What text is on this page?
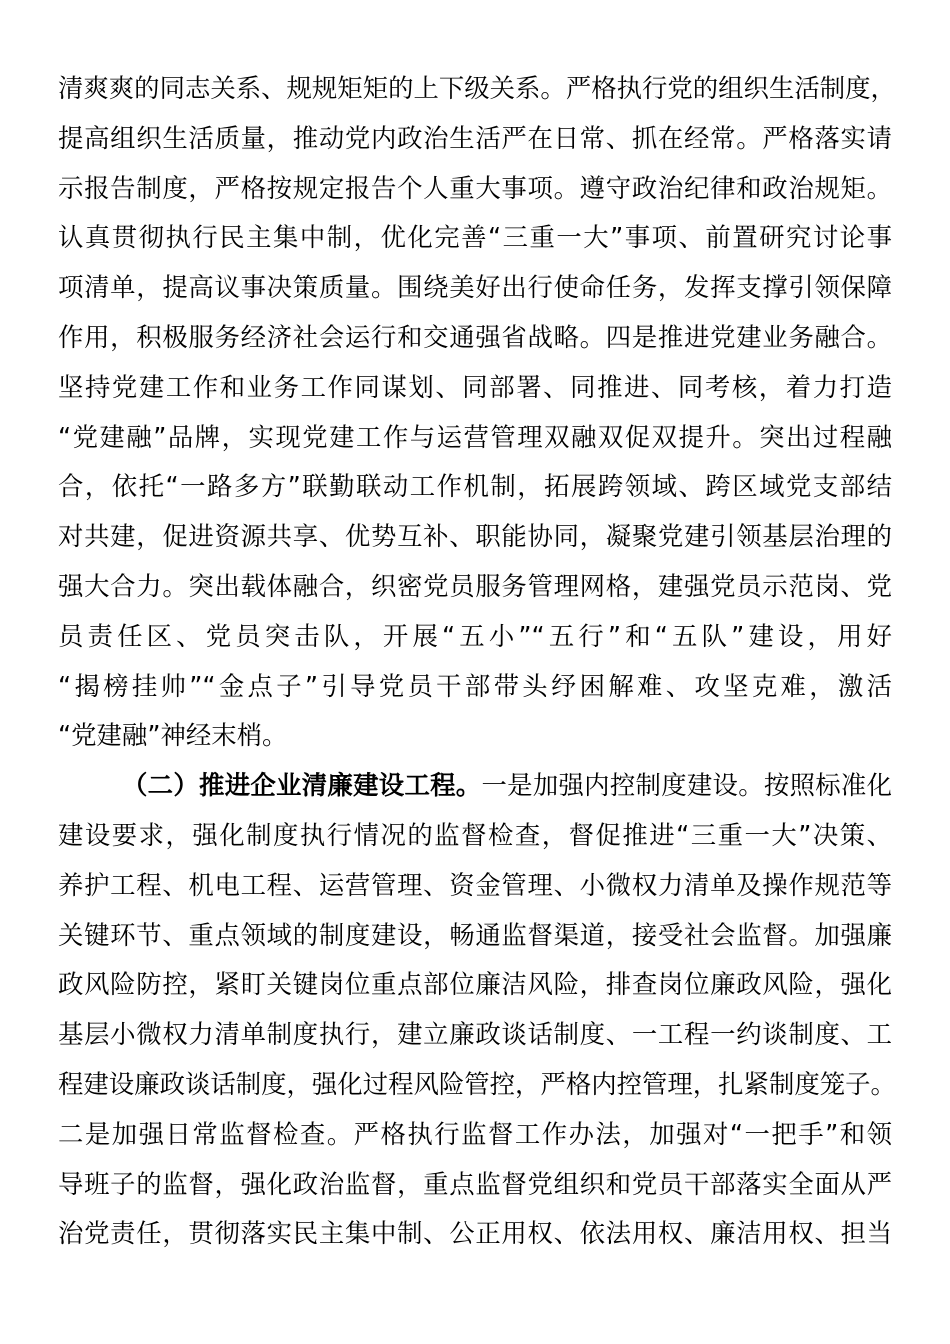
清爽爽的同志关系、规规矩矩的上下级关系。严格执行党的组织生活制度，
提高组织生活质量，推动党内政治生活严在日常、抓在经常。严格落实请
示报告制度，严格按规定报告个人重大事项。遵守政治纪律和政治规矩。
认真贯彻执行民主集中制，优化完善“三重一大”事项、前置研究讨论事
项清单，提高议事决策质量。围绕美好出行使命任务，发挥支撑引领保障
作用，积极服务经济社会运行和交通强省战略。四是推进党建业务融合。
坚持党建工作和业务工作同谋划、同部署、同推进、同考核，着力打造
“党建融”品牌，实现党建工作与运营管理双融双促双提升。突出过程融
合，依托“一路多方”联勤联动工作机制，拓展跨领域、跨区域党支部结
对共建，促进资源共享、优势互补、职能协同，凝聚党建引领基层治理的
强大合力。突出载体融合，织密党员服务管理网格，建强党员示范岗、党
员责任区、党员突击队，开展“五小”“五行”和“五队”建设，用好
“揭榜挂帅”“金点子”引导党员干部带头纾困解难、攻坚克难，激活
“党建融”神经末梢。
（二）推进企业清廉建设工程。一是加强内控制度建设。按照标准化
建设要求，强化制度执行情况的监督检查，督促推进“三重一大”决策、
养护工程、机电工程、运营管理、资金管理、小微权力清单及操作规范等
关键环节、重点领域的制度建设，畅通监督渠道，接受社会监督。加强廉
政风险防控，紧盯关键岗位重点部位廉洁风险，排查岗位廉政风险，强化
基层小微权力清单制度执行，建立廉政谈话制度、一工程一约谈制度、工
程建设廉政谈话制度，强化过程风险管控，严格内控管理，扎紧制度笼子。
二是加强日常监督检查。严格执行监督工作办法，加强对“一把手”和领
导班子的监督，强化政治监督，重点监督党组织和党员干部落实全面从严
治党责任，贯彻落实民主集中制、公正用权、依法用权、廉洁用权、担当
